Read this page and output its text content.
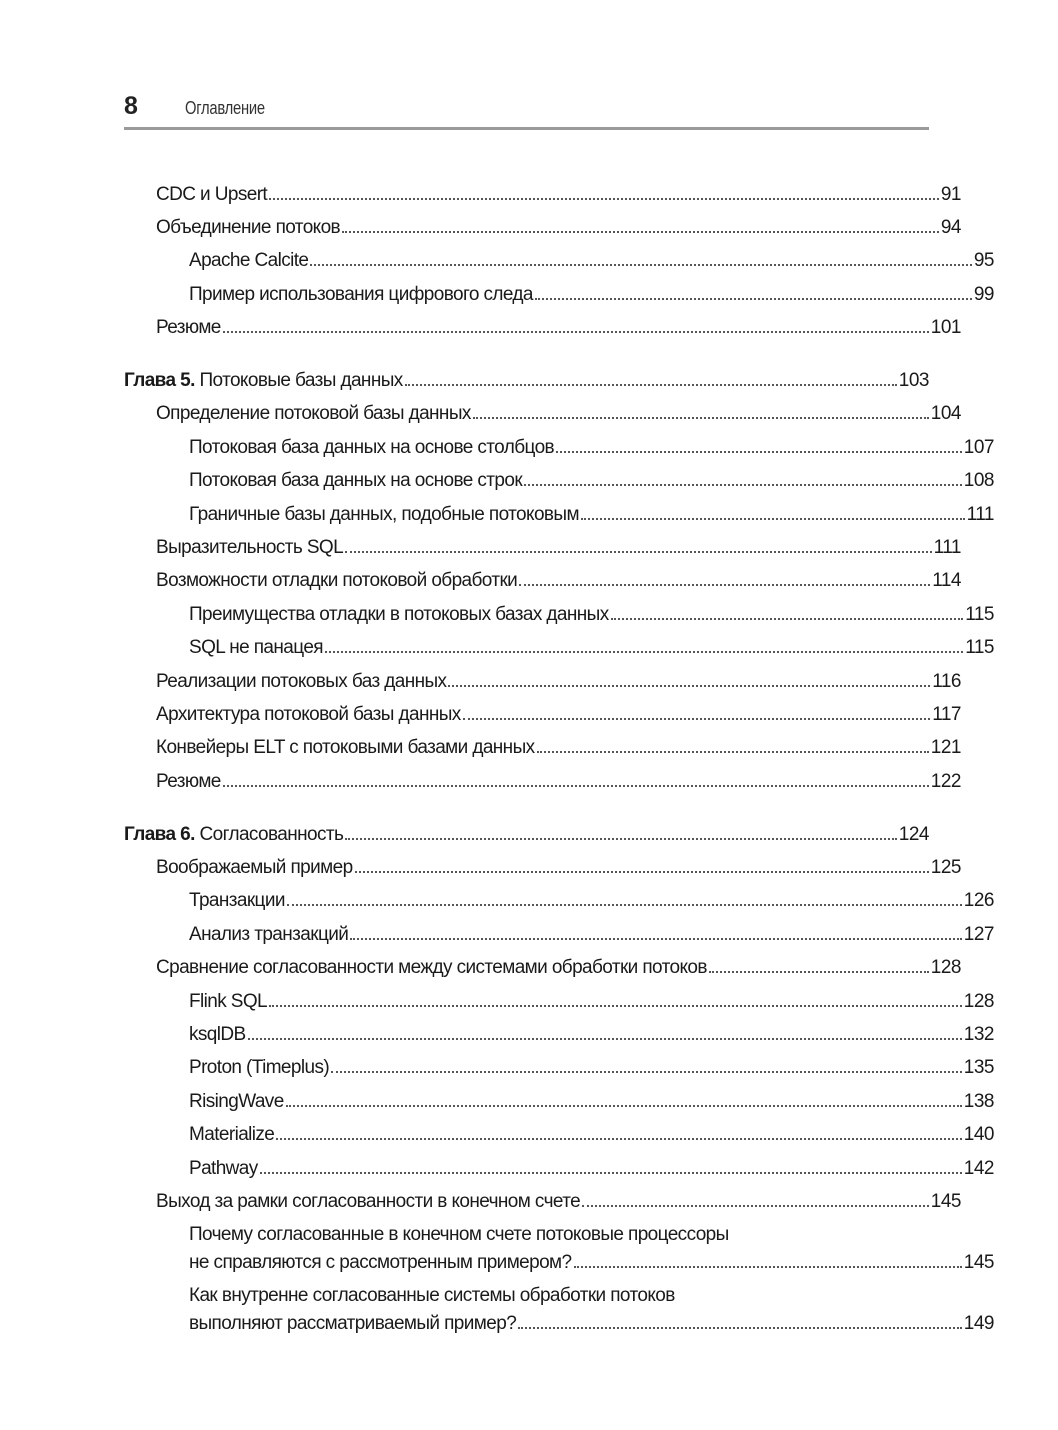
8	Оглавление
CDC и Upsert	91
Объединение потоков	94
Apache Calcite	95
Пример использования цифрового следа	99
Резюме	101
Глава 5. Потоковые базы данных	103
Определение потоковой базы данных	104
Потоковая база данных на основе столбцов	107
Потоковая база данных на основе строк	108
Граничные базы данных, подобные потоковым	111
Выразительность SQL	111
Возможности отладки потоковой обработки	114
Преимущества отладки в потоковых базах данных	115
SQL не панацея	115
Реализации потоковых баз данных	116
Архитектура потоковой базы данных	117
Конвейеры ELT с потоковыми базами данных	121
Резюме	122
Глава 6. Согласованность	124
Воображаемый пример	125
Транзакции	126
Анализ транзакций	127
Сравнение согласованности между системами обработки потоков	128
Flink SQL	128
ksqlDB	132
Proton (Timeplus)	135
RisingWave	138
Materialize	140
Pathway	142
Выход за рамки согласованности в конечном счете	145
Почему согласованные в конечном счете потоковые процессоры
не справляются с рассмотренным примером?	145
Как внутренне согласованные системы обработки потоков
выполняют рассматриваемый пример?	149
